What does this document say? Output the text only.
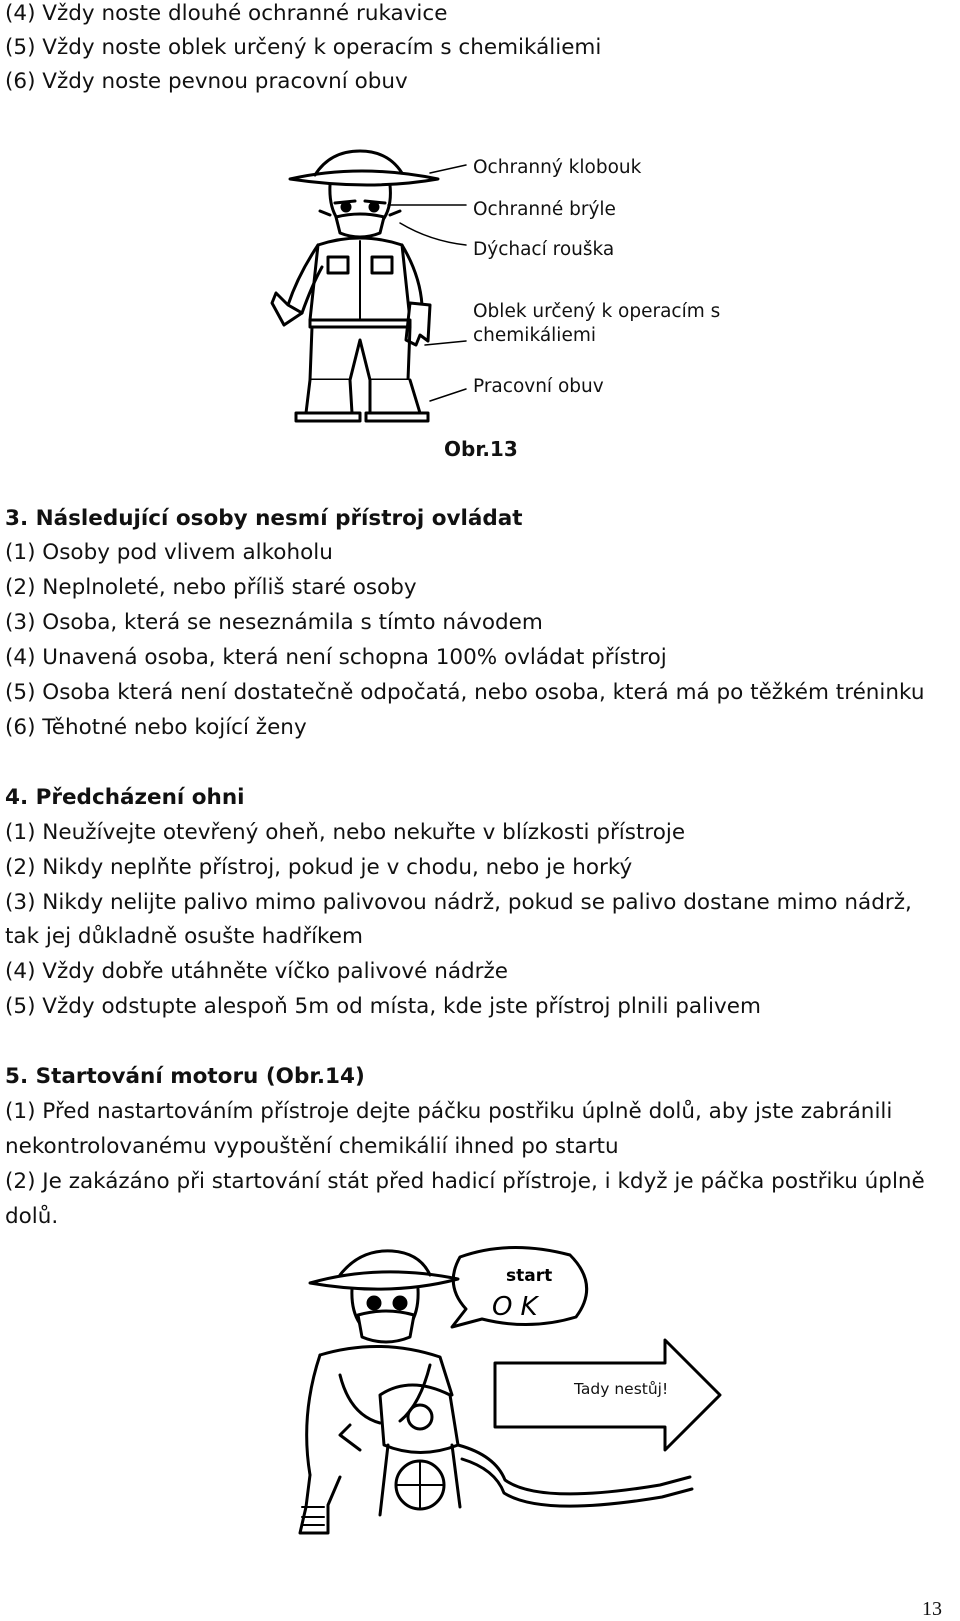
(4) Vždy noste dlouhé ochranné rukavice
(5) Vždy noste oblek určený k operacím s chemikáliemi
(6) Vždy noste pevnou pracovní obuv
Ochranný klobouk
Ochranné brýle
Dýchací rouška
Oblek určený k operacím s
chemikáliemi
Pracovní obuv
Obr.13
3. Následující osoby nesmí přístroj ovládat
(1) Osoby pod vlivem alkoholu
(2) Neplnoleté, nebo příliš staré osoby
(3) Osoba, která se neseznámila s tímto návodem
(4) Unavená osoba, která není schopna 100% ovládat přístroj
(5) Osoba která není dostatečně odpočatá, nebo osoba, která má po těžkém tréninku
(6) Těhotné nebo kojící ženy
4. Předcházení ohni
(1) Neužívejte otevřený oheň, nebo nekuřte v blízkosti přístroje
(2) Nikdy neplňte přístroj, pokud je v chodu, nebo je horký
(3) Nikdy nelijte palivo mimo palivovou nádrž, pokud se palivo dostane mimo nádrž,
tak jej důkladně osušte hadříkem
(4) Vždy dobře utáhněte víčko palivové nádrže
(5) Vždy odstupte alespoň 5m od místa, kde jste přístroj plnili palivem
5. Startování motoru (Obr.14)
(1) Před nastartováním přístroje dejte páčku postřiku úplně dolů, aby jste zabránili
nekontrolovanému vypouštění chemikálií ihned po startu
(2) Je zakázáno při startování stát před hadicí přístroje, i když je páčka postřiku úplně
dolů.
start
OK
Tady nestůj!
13
